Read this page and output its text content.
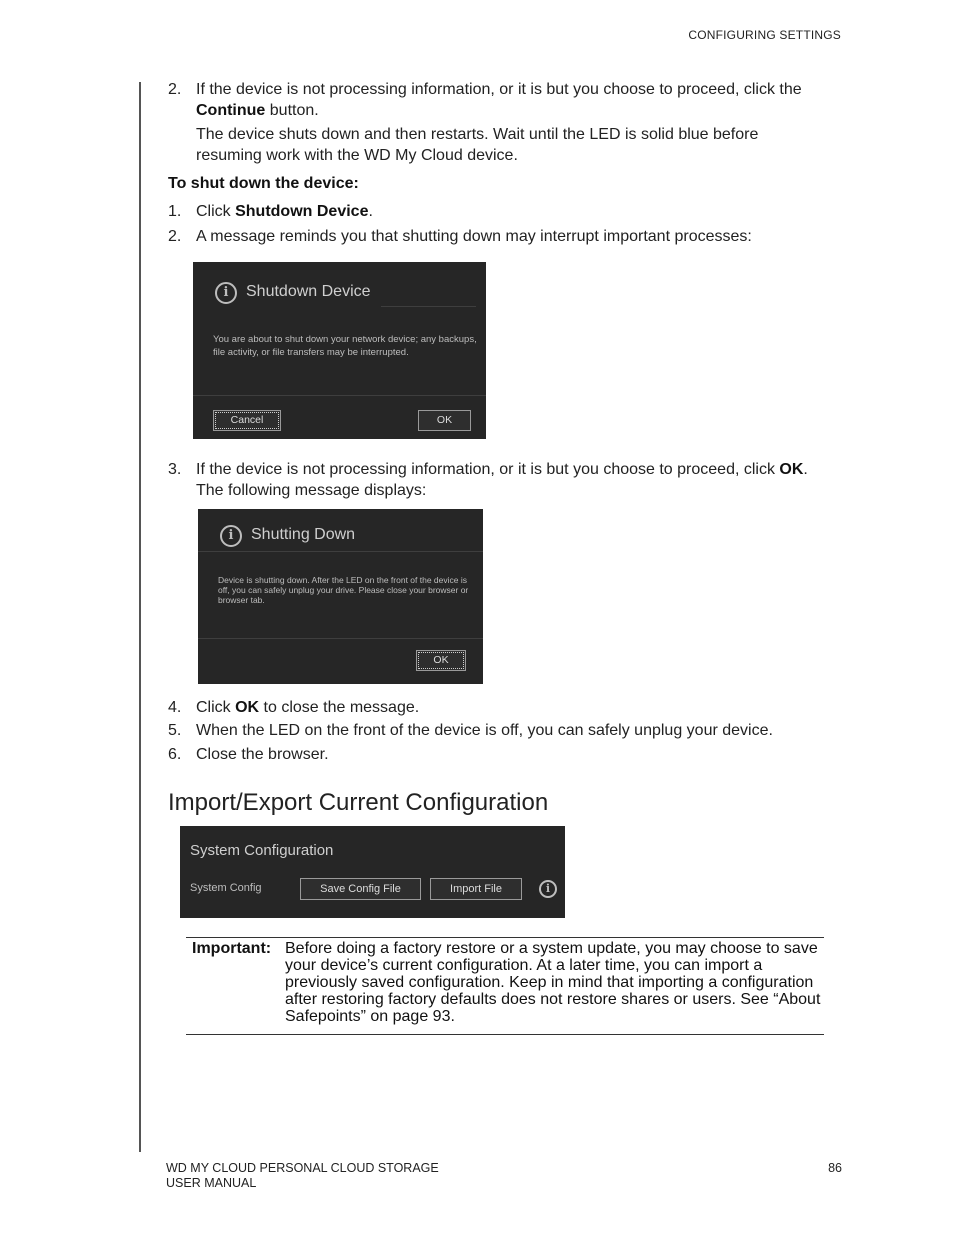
CONFIGURING SETTINGS
2. If the device is not processing information, or it is but you choose to proceed, click the Continue button.
The device shuts down and then restarts. Wait until the LED is solid blue before resuming work with the WD My Cloud device.
To shut down the device:
1. Click Shutdown Device.
2. A message reminds you that shutting down may interrupt important processes:
i	Shutdown Device
You are about to shut down your network device; any backups, file activity, or file transfers may be interrupted.
Cancel	OK
3. If the device is not processing information, or it is but you choose to proceed, click OK.
The following message displays:
i	Shutting Down
Device is shutting down. After the LED on the front of the device is off, you can safely unplug your drive. Please close your browser or browser tab.
OK
4. Click OK to close the message.
5. When the LED on the front of the device is off, you can safely unplug your device.
6. Close the browser.
Import/Export Current Configuration
System Configuration
System Config	Save Config File	Import File	i
Important: Before doing a factory restore or a system update, you may choose to save your device’s current configuration. At a later time, you can import a previously saved configuration. Keep in mind that importing a configuration after restoring factory defaults does not restore shares or users. See “About Safepoints” on page 93.
WD MY CLOUD PERSONAL CLOUD STORAGE
USER MANUAL
86
